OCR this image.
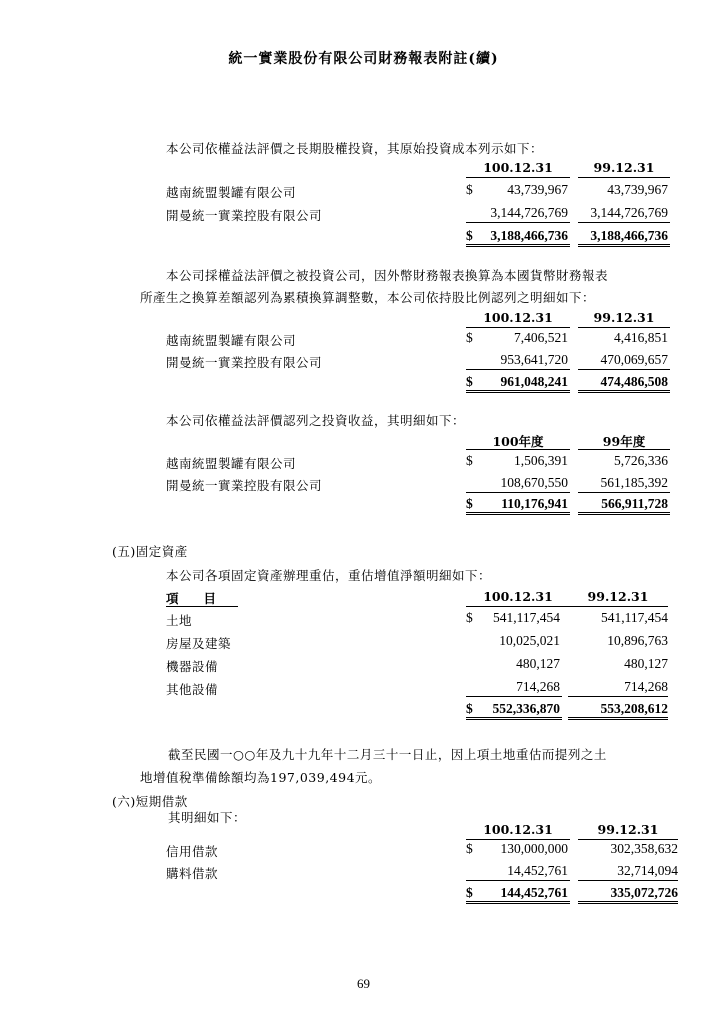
統一實業股份有限公司財務報表附註(續)
本公司依權益法評價之長期股權投資，其原始投資成本列示如下：
100.12.31	99.12.31
越南統盟製罐有限公司	$	43,739,967	43,739,967
開曼統一實業控股有限公司	3,144,726,769	3,144,726,769
$	3,188,466,736	3,188,466,736
本公司採權益法評價之被投資公司，因外幣財務報表換算為本國貨幣財務報表
所產生之換算差額認列為累積換算調整數，本公司依持股比例認列之明細如下：
100.12.31	99.12.31
越南統盟製罐有限公司	$	7,406,521	4,416,851
開曼統一實業控股有限公司	953,641,720	470,069,657
$	961,048,241	474,486,508
本公司依權益法評價認列之投資收益，其明細如下：
100年度	99年度
越南統盟製罐有限公司	$	1,506,391	5,726,336
開曼統一實業控股有限公司	108,670,550	561,185,392
$	110,176,941	566,911,728
(五)固定資產
本公司各項固定資產辦理重估，重估增值淨額明細如下：
項　　目	100.12.31	99.12.31
土地	$	541,117,454	541,117,454
房屋及建築	10,025,021	10,896,763
機器設備	480,127	480,127
其他設備	714,268	714,268
$	552,336,870	553,208,612
截至民國一○○年及九十九年十二月三十一日止，因上項土地重估而提列之土
地增值稅準備餘額均為197,039,494元。
(六)短期借款
其明細如下：
100.12.31	99.12.31
信用借款	$	130,000,000	302,358,632
購料借款	14,452,761	32,714,094
$	144,452,761	335,072,726
69
